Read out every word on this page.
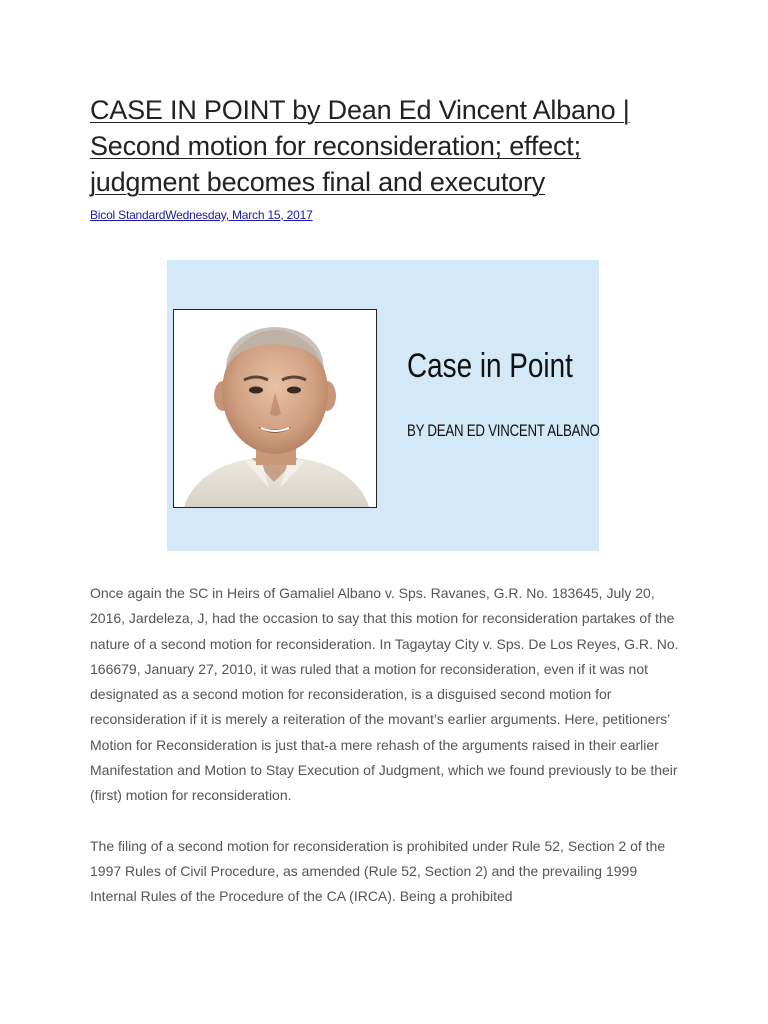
CASE IN POINT by Dean Ed Vincent Albano | Second motion for reconsideration; effect; judgment becomes final and executory
Bicol StandardWednesday, March 15, 2017
Case in Point
BY DEAN ED VINCENT ALBANO

Once again the SC in Heirs of Gamaliel Albano v. Sps. Ravanes, G.R. No. 183645, July 20, 2016, Jardeleza, J, had the occasion to say that this motion for reconsideration partakes of the nature of a second motion for reconsideration. In Tagaytay City v. Sps. De Los Reyes, G.R. No. 166679, January 27, 2010, it was ruled that a motion for reconsideration, even if it was not designated as a second motion for reconsideration, is a disguised second motion for reconsideration if it is merely a reiteration of the movant’s earlier arguments. Here, petitioners’ Motion for Reconsideration is just that-a mere rehash of the arguments raised in their earlier Manifestation and Motion to Stay Execution of Judgment, which we found previously to be their (first) motion for reconsideration.

The filing of a second motion for reconsideration is prohibited under Rule 52, Section 2 of the 1997 Rules of Civil Procedure, as amended (Rule 52, Section 2) and the prevailing 1999 Internal Rules of the Procedure of the CA (IRCA). Being a prohibited
